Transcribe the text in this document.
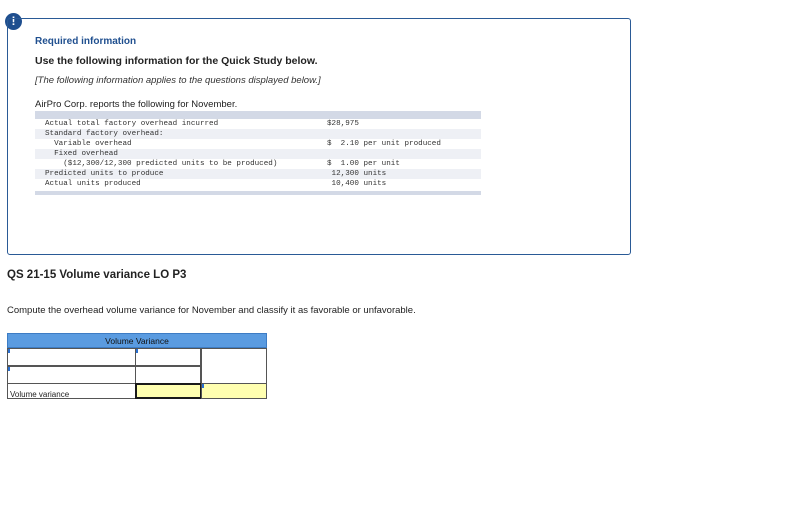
!
Required information
Use the following information for the Quick Study below.
[The following information applies to the questions displayed below.]
AirPro Corp. reports the following for November.
Actual total factory overhead incurred	$28,975
Standard factory overhead:
Variable overhead	$  2.10 per unit produced
Fixed overhead
($12,300/12,300 predicted units to be produced)	$  1.00 per unit
Predicted units to produce	12,300 units
Actual units produced	10,400 units
QS 21-15 Volume variance LO P3
Compute the overhead volume variance for November and classify it as favorable or unfavorable.
Volume Variance
Volume variance
